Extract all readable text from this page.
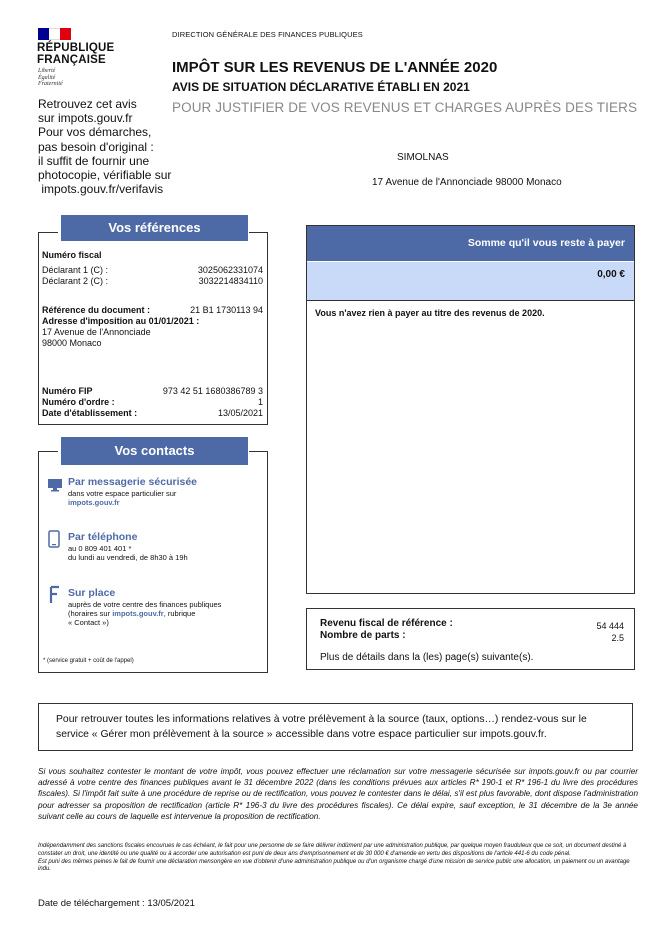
RÉPUBLIQUE
FRANÇAISE
Liberté
Égalité
Fraternité
Retrouvez cet avis
sur impots.gouv.fr
Pour vos démarches,
pas besoin d'original :
il suffit de fournir une
photocopie, vérifiable sur
impots.gouv.fr/verifavis
DIRECTION GÉNÉRALE DES FINANCES PUBLIQUES
IMPÔT SUR LES REVENUS DE L'ANNÉE 2020
AVIS DE SITUATION DÉCLARATIVE ÉTABLI EN 2021
POUR JUSTIFIER DE VOS REVENUS ET CHARGES AUPRÈS DES TIERS
SIMOLNAS
17 Avenue de l'Annonciade 98000 Monaco
Vos références
Numéro fiscal
Déclarant 1 (C) :	3025062331074
Déclarant 2 (C) :	3032214834110
Référence du document :	21 B1 1730113 94
Adresse d'imposition au 01/01/2021 :
17 Avenue de l'Annonciade
98000 Monaco
Numéro FIP	973 42 51 1680386789 3
Numéro d'ordre :	1
Date d'établissement :	13/05/2021
Vos contacts
Par messagerie sécurisée
dans votre espace particulier sur
impots.gouv.fr
Par téléphone
au 0 809 401 401 *
du lundi au vendredi, de 8h30 à 19h
Sur place
auprès de votre centre des finances publiques
(horaires sur impots.gouv.fr, rubrique
« Contact »)
* (service gratuit + coût de l'appel)
Somme qu'il vous reste à payer
0,00 €
Vous n'avez rien à payer au titre des revenus de 2020.
Revenu fiscal de référence :	54 444
Nombre de parts :	2.5
Plus de détails dans la (les) page(s) suivante(s).
Pour retrouver toutes les informations relatives à votre prélèvement à la source (taux, options…) rendez-vous sur le service « Gérer mon prélèvement à la source » accessible dans votre espace particulier sur impots.gouv.fr.
Si vous souhaitez contester le montant de votre impôt, vous pouvez effectuer une réclamation sur votre messagerie sécurisée sur impots.gouv.fr ou par courrier adressé à votre centre des finances publiques avant le 31 décembre 2022 (dans les conditions prévues aux articles R* 190-1 et R* 196-1 du livre des procédures fiscales). Si l'impôt fait suite à une procédure de reprise ou de rectification, vous pouvez le contester dans le délai, s'il est plus favorable, dont dispose l'administration pour adresser sa proposition de rectification (article R* 196-3 du livre des procédures fiscales). Ce délai expire, sauf exception, le 31 décembre de la 3e année suivant celle au cours de laquelle est intervenue la proposition de rectification.
Indépendamment des sanctions fiscales encourues le cas échéant, le fait pour une personne de se faire délivrer indûment par une administration publique, par quelque moyen frauduleux que ce soit, un document destiné à constater un droit, une identité ou une qualité ou à accorder une autorisation est puni de deux ans d'emprisonnement et de 30 000 € d'amende en vertu des dispositions de l'article 441-6 du code pénal.
Est puni des mêmes peines le fait de fournir une déclaration mensongère en vue d'obtenir d'une administration publique ou d'un organisme chargé d'une mission de service public une allocation, un paiement ou un avantage indu.
Date de téléchargement : 13/05/2021
